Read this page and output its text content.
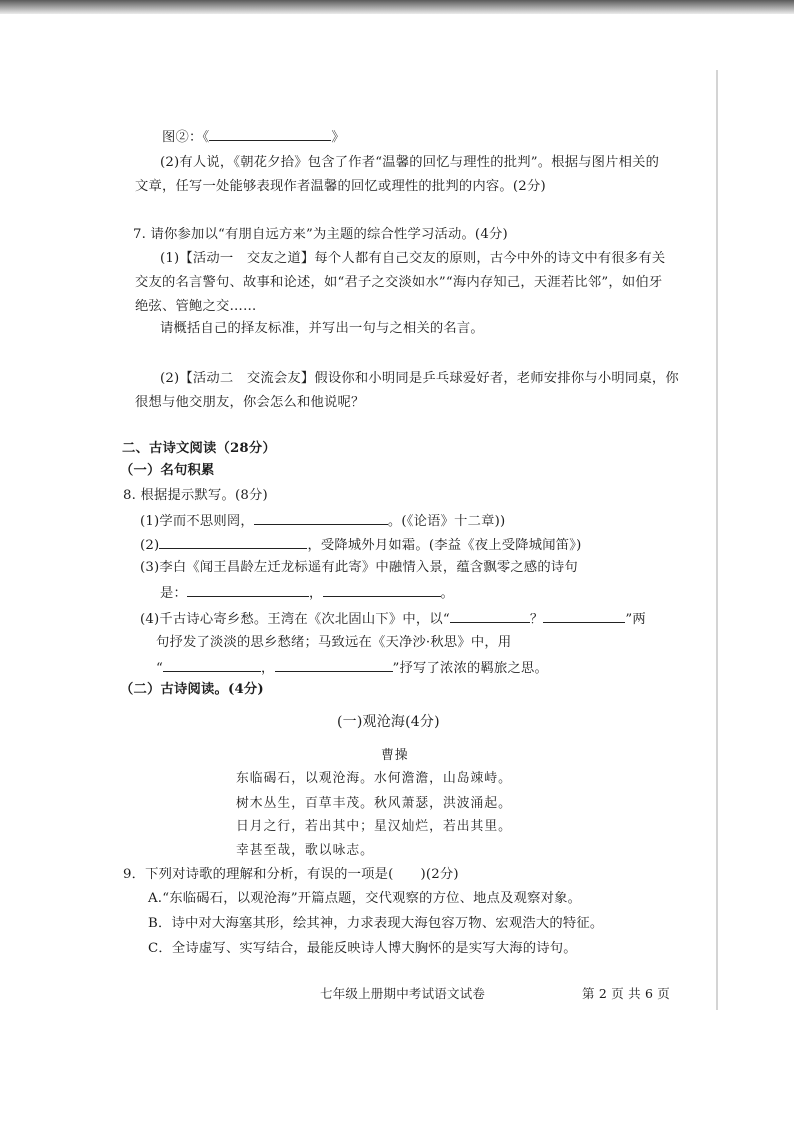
图②：《	》
(2)有人说，《朝花夕拾》包含了作者“温馨的回忆与理性的批判”。根据与图片相关的
文章，任写一处能够表现作者温馨的回忆或理性的批判的内容。(2分)
7. 请你参加以“有朋自远方来”为主题的综合性学习活动。(4分)
(1)【活动一　交友之道】每个人都有自己交友的原则，古今中外的诗文中有很多有关
交友的名言警句、故事和论述，如“君子之交淡如水”“海内存知己，天涯若比邻”，如伯牙
绝弦、管鲍之交……
请概括自己的择友标准，并写出一句与之相关的名言。
(2)【活动二　交流会友】假设你和小明同是乒乓球爱好者，老师安排你与小明同桌，你
很想与他交朋友，你会怎么和他说呢？
二、古诗文阅读（28分）
（一）名句积累
8. 根据提示默写。(8分)
(1)学而不思则罔，	。(《论语》十二章))
(2)	，受降城外月如霜。(李益《夜上受降城闻笛》)
(3)李白《闻王昌龄左迁龙标遥有此寄》中融情入景，蕴含飘零之感的诗句
是：	，	。
(4)千古诗心寄乡愁。王湾在《次北固山下》中，以“	？	”两
句抒发了淡淡的思乡愁绪；马致远在《天净沙·秋思》中，用
“	，	”抒写了浓浓的羁旅之思。
（二）古诗阅读。(4分)
(一)观沧海(4分)
曹操
东临碣石，以观沧海。水何澹澹，山岛竦峙。
树木丛生，百草丰茂。秋风萧瑟，洪波涌起。
日月之行，若出其中；星汉灿烂，若出其里。
幸甚至哉，歌以咏志。
9．下列对诗歌的理解和分析，有误的一项是(　　)(2分)
A.“东临碣石，以观沧海”开篇点题，交代观察的方位、地点及观察对象。
B．诗中对大海塞其形，绘其神，力求表现大海包容万物、宏观浩大的特征。
C．全诗虚写、实写结合，最能反映诗人博大胸怀的是实写大海的诗句。
七年级上册期中考试语文试卷	第 2 页 共 6 页
